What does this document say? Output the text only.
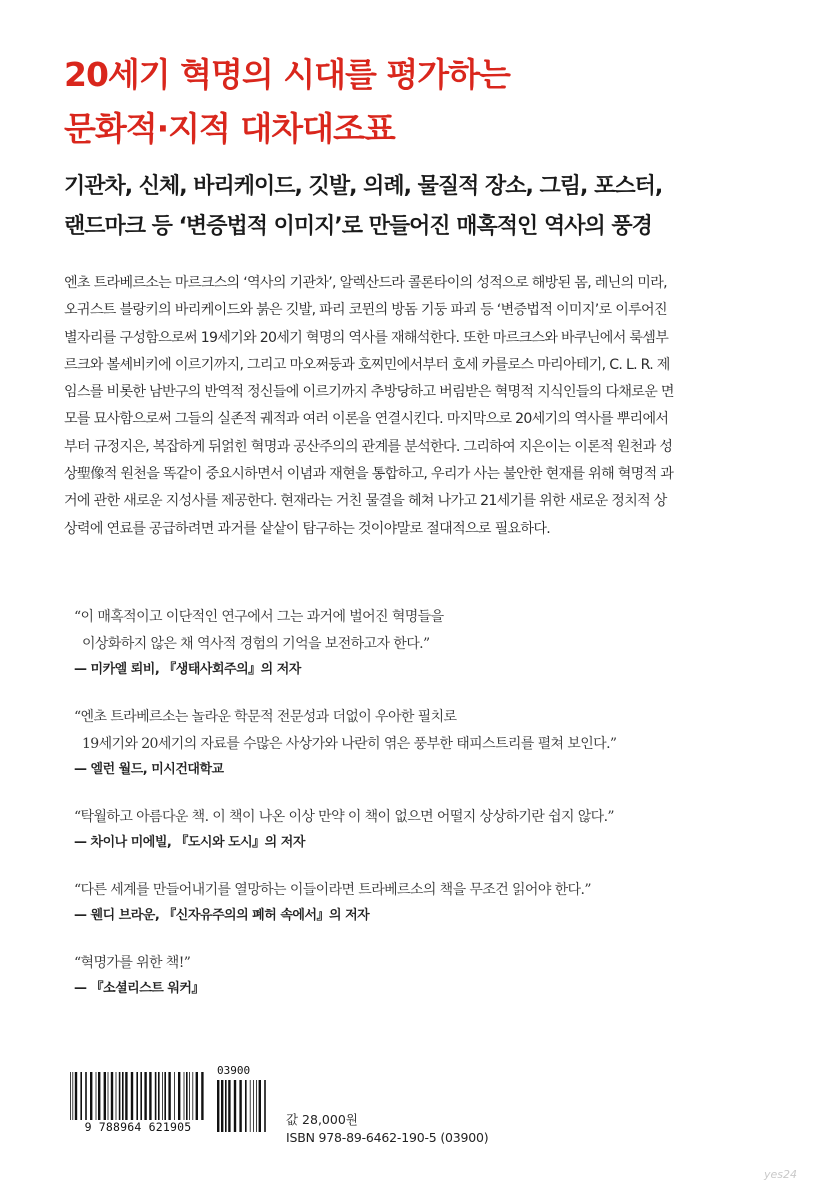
20세기 혁명의 시대를 평가하는
문화적·지적 대차대조표
기관차, 신체, 바리케이드, 깃발, 의례, 물질적 장소, 그림, 포스터,
랜드마크 등 ‘변증법적 이미지’로 만들어진 매혹적인 역사의 풍경
엔초 트라베르소는 마르크스의 ‘역사의 기관차’, 알렉산드라 콜론타이의 성적으로 해방된 몸, 레닌의 미라,
오귀스트 블랑키의 바리케이드와 붉은 깃발, 파리 코뮌의 방돔 기둥 파괴 등 ‘변증법적 이미지’로 이루어진
별자리를 구성함으로써 19세기와 20세기 혁명의 역사를 재해석한다. 또한 마르크스와 바쿠닌에서 룩셈부
르크와 볼셰비키에 이르기까지, 그리고 마오쩌둥과 호찌민에서부터 호세 카를로스 마리아테기, C. L. R. 제
임스를 비롯한 남반구의 반역적 정신들에 이르기까지 추방당하고 버림받은 혁명적 지식인들의 다채로운 면
모를 묘사함으로써 그들의 실존적 궤적과 여러 이론을 연결시킨다. 마지막으로 20세기의 역사를 뿌리에서
부터 규정지은, 복잡하게 뒤얽힌 혁명과 공산주의의 관계를 분석한다. 그리하여 지은이는 이론적 원천과 성
상聖像적 원천을 똑같이 중요시하면서 이념과 재현을 통합하고, 우리가 사는 불안한 현재를 위해 혁명적 과
거에 관한 새로운 지성사를 제공한다. 현재라는 거친 물결을 헤쳐 나가고 21세기를 위한 새로운 정치적 상
상력에 연료를 공급하려면 과거를 샅샅이 탐구하는 것이야말로 절대적으로 필요하다.
“이 매혹적이고 이단적인 연구에서 그는 과거에 벌어진 혁명들을
이상화하지 않은 채 역사적 경험의 기억을 보전하고자 한다.”
— 미카엘 뢰비, 『생태사회주의』의 저자
“엔초 트라베르소는 놀라운 학문적 전문성과 더없이 우아한 필치로
19세기와 20세기의 자료를 수많은 사상가와 나란히 엮은 풍부한 태피스트리를 펼쳐 보인다.”
— 엘런 월드, 미시건대학교
“탁월하고 아름다운 책. 이 책이 나온 이상 만약 이 책이 없으면 어떨지 상상하기란 쉽지 않다.”
— 차이나 미에빌, 『도시와 도시』의 저자
“다른 세계를 만들어내기를 열망하는 이들이라면 트라베르소의 책을 무조건 읽어야 한다.”
— 웬디 브라운, 『신자유주의의 폐허 속에서』의 저자
“혁명가를 위한 책!”
— 『소셜리스트 워커』
9 788964 621905
03900
값 28,000원
ISBN 978-89-6462-190-5 (03900)
yes24
